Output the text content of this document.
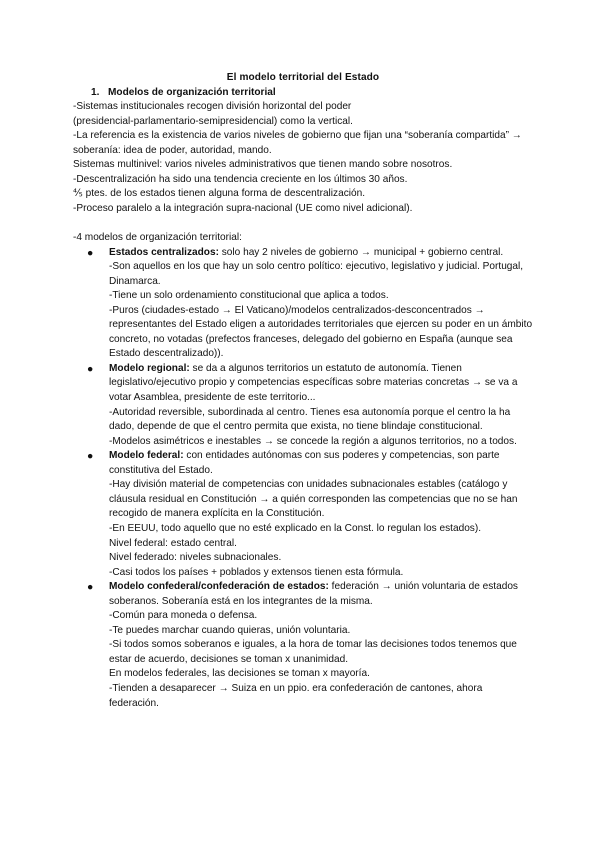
El modelo territorial del Estado
1. Modelos de organización territorial

-Sistemas institucionales recogen división horizontal del poder

(presidencial-parlamentario-semipresidencial) como la vertical.

-La referencia es la existencia de varios niveles de gobierno que fijan una “soberanía compartida” → soberanía: idea de poder, autoridad, mando.

Sistemas multinivel: varios niveles administrativos que tienen mando sobre nosotros.

-Descentralización ha sido una tendencia creciente en los últimos 30 años.

⅘ ptes. de los estados tienen alguna forma de descentralización.

-Proceso paralelo a la integración supra-nacional (UE como nivel adicional).

-4 modelos de organización territorial:

● Estados centralizados: solo hay 2 niveles de gobierno → municipal + gobierno central.
-Son aquellos en los que hay un solo centro político: ejecutivo, legislativo y judicial. Portugal, Dinamarca.
-Tiene un solo ordenamiento constitucional que aplica a todos.
-Puros (ciudades-estado → El Vaticano)/modelos centralizados-desconcentrados → representantes del Estado eligen a autoridades territoriales que ejercen su poder en un ámbito concreto, no votadas (prefectos franceses, delegado del gobierno en España (aunque sea Estado descentralizado)).
● Modelo regional: se da a algunos territorios un estatuto de autonomía. Tienen legislativo/ejecutivo propio y competencias específicas sobre materias concretas → se va a votar Asamblea, presidente de este territorio...
-Autoridad reversible, subordinada al centro. Tienes esa autonomía porque el centro la ha dado, depende de que el centro permita que exista, no tiene blindaje constitucional.
-Modelos asimétricos e inestables → se concede la región a algunos territorios, no a todos.
● Modelo federal: con entidades autónomas con sus poderes y competencias, son parte constitutiva del Estado.
-Hay división material de competencias con unidades subnacionales estables (catálogo y cláusula residual en Constitución → a quién corresponden las competencias que no se han recogido de manera explícita en la Constitución.
-En EEUU, todo aquello que no esté explicado en la Const. lo regulan los estados).
Nivel federal: estado central.
Nivel federado: niveles subnacionales.
-Casi todos los países + poblados y extensos tienen esta fórmula.
● Modelo confederal/confederación de estados: federación → unión voluntaria de estados soberanos. Soberanía está en los integrantes de la misma.
-Común para moneda o defensa.
-Te puedes marchar cuando quieras, unión voluntaria.
-Si todos somos soberanos e iguales, a la hora de tomar las decisiones todos tenemos que estar de acuerdo, decisiones se toman x unanimidad.
En modelos federales, las decisiones se toman x mayoría.
-Tienden a desaparecer → Suiza en un ppio. era confederación de cantones, ahora federación.
